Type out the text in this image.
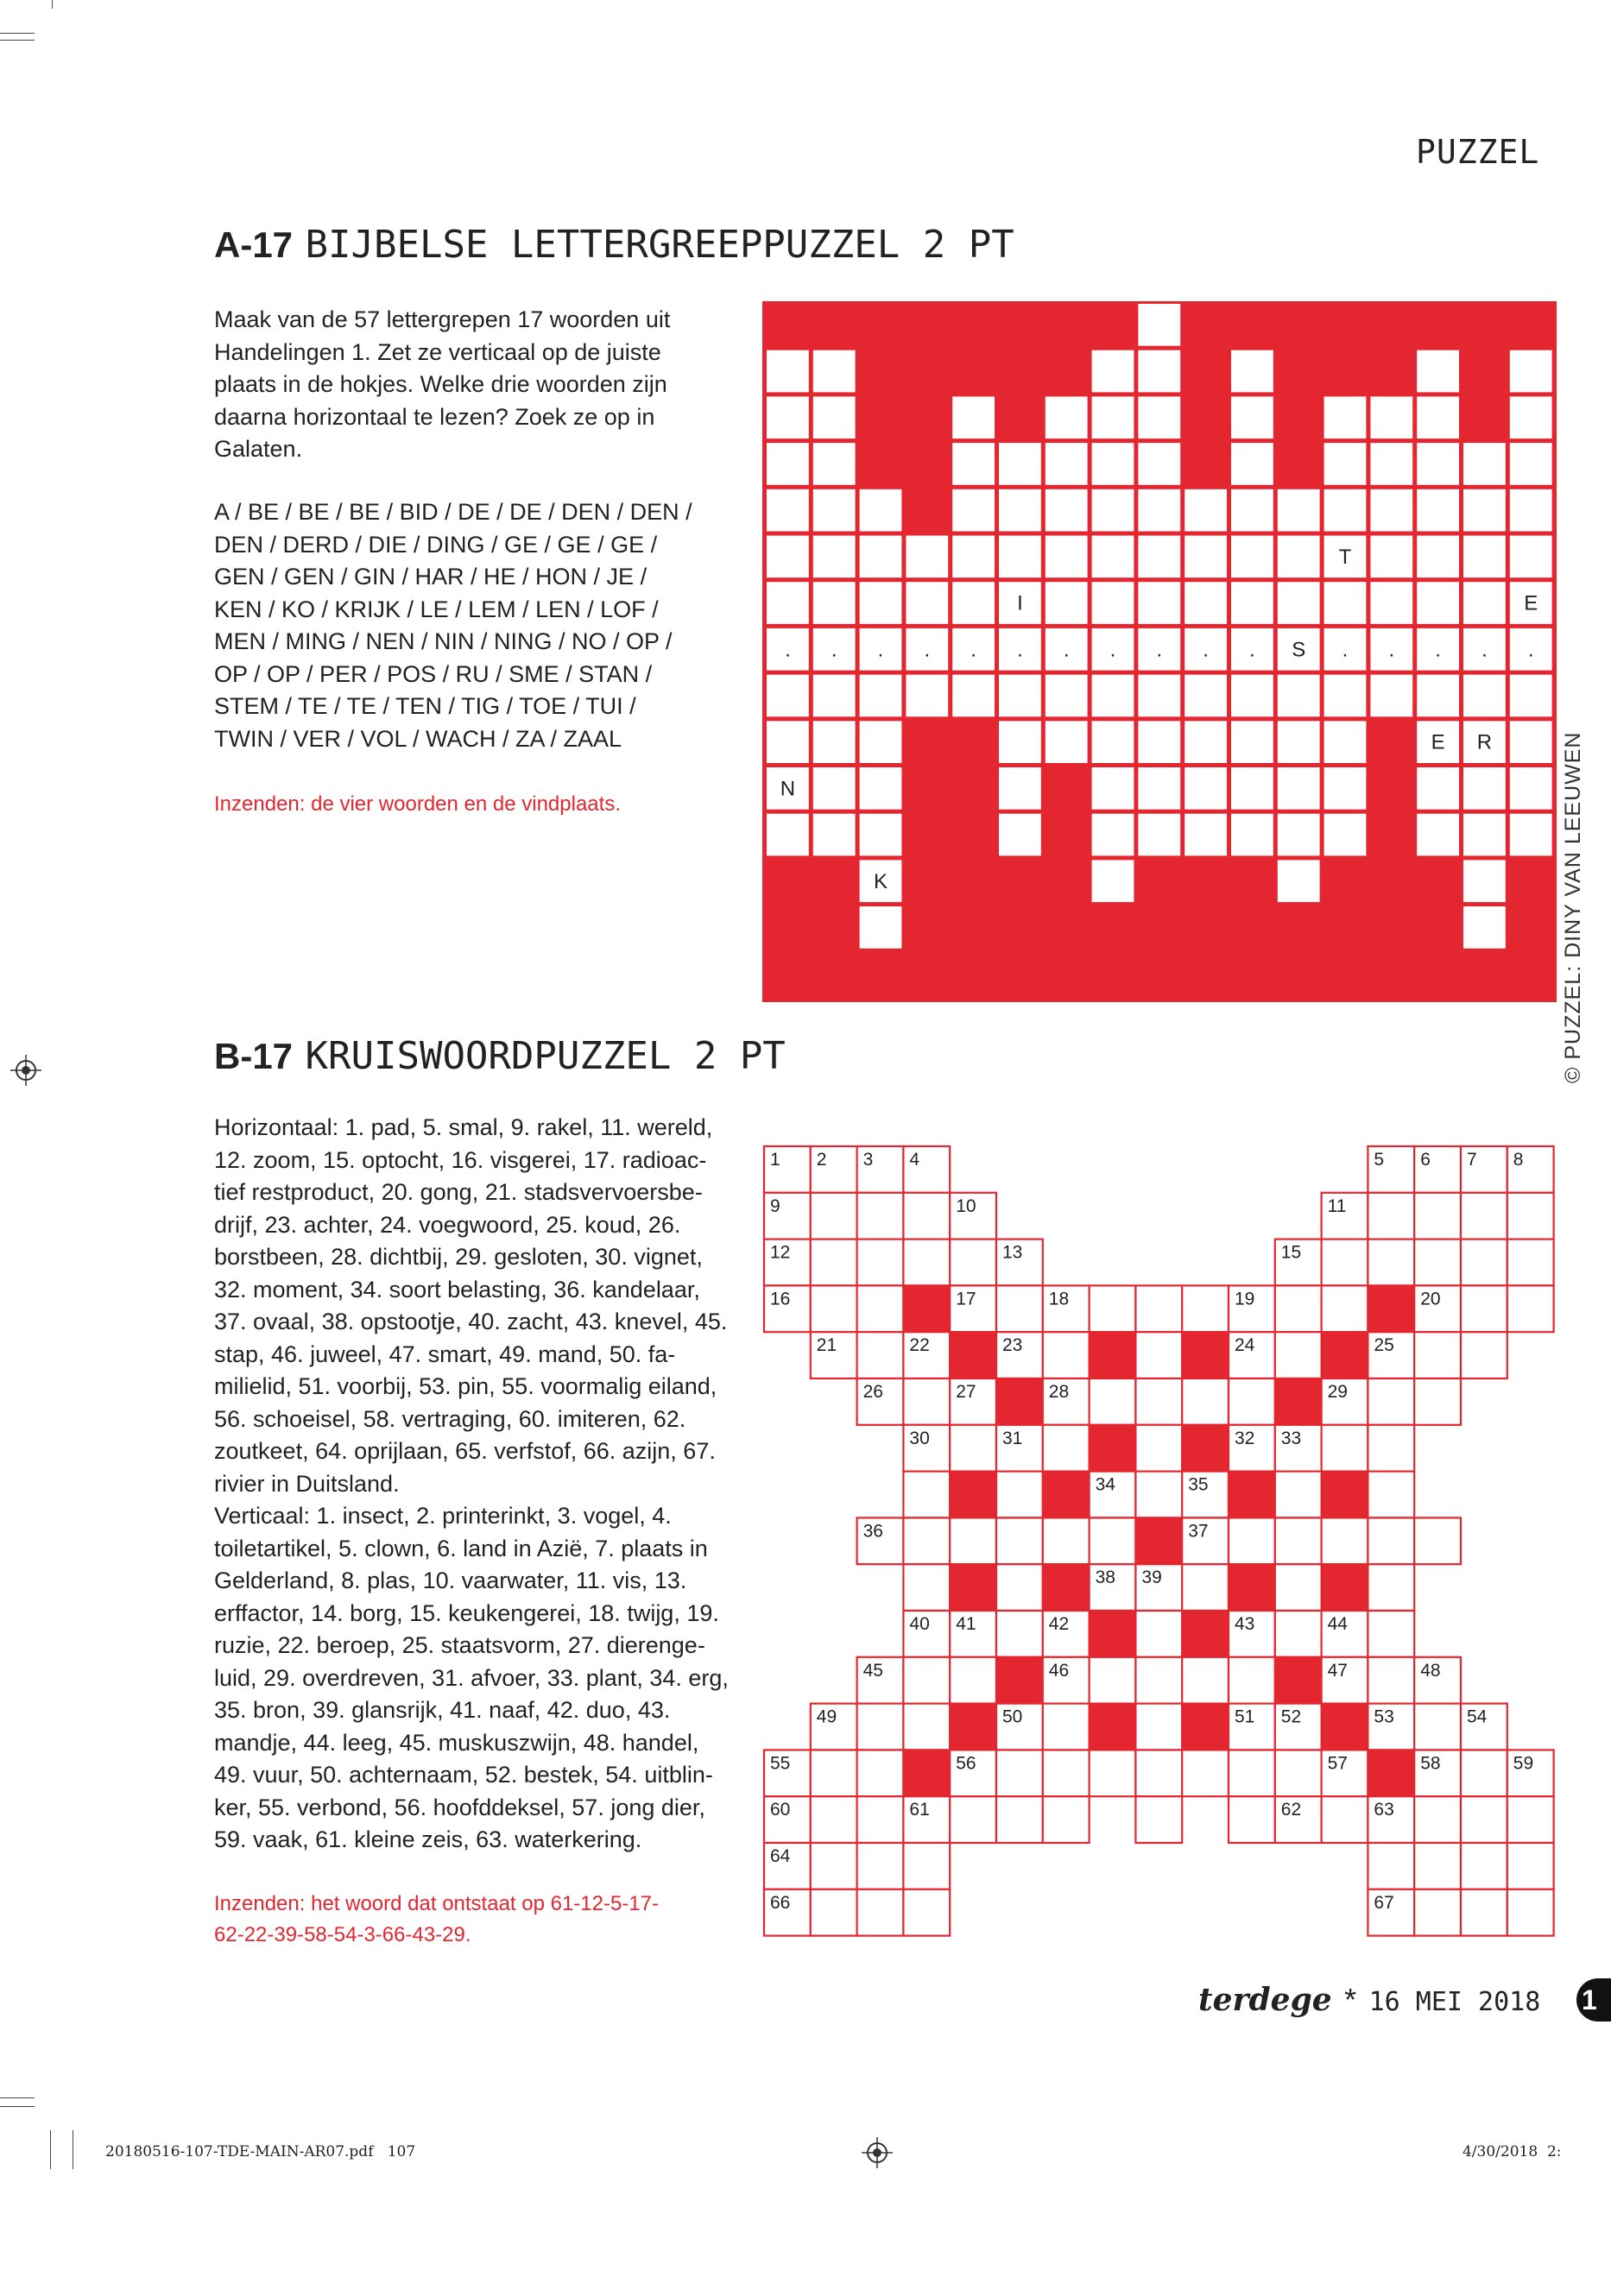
PUZZEL
A-17 BIJBELSE LETTERGREEPPUZZEL 2 PT
Maak van de 57 lettergrepen 17 woorden uit Handelingen 1. Zet ze verticaal op de juiste plaats in de hokjes. Welke drie woorden zijn daarna horizontaal te lezen? Zoek ze op in Galaten.
A / BE / BE / BE / BID / DE / DE / DEN / DEN / DEN / DERD / DIE / DING / GE / GE / GE / GEN / GEN / GIN / HAR / HE / HON / JE / KEN / KO / KRIJK / LE / LEM / LEN / LOF / MEN / MING / NEN / NIN / NING / NO / OP / OP / OP / PER / POS / RU / SME / STAN / STEM / TE / TE / TEN / TIG / TOE / TUI / TWIN / VER / VOL / WACH / ZA / ZAAL
Inzenden: de vier woorden en de vindplaats.
.
N
. .
K
. .
I
. . . . . . S
T
. . .
E
.
R
E
.
© PUZZEL: DINY VAN LEEUWEN
B-17 KRUISWOORDPUZZEL 2 PT
Horizontaal: 1. pad, 5. smal, 9. rakel, 11. wereld, 12. zoom, 15. optocht, 16. visgerei, 17. radioac-tief restproduct, 20. gong, 21. stadsvervoersbe-drijf, 23. achter, 24. voegwoord, 25. koud, 26. borstbeen, 28. dichtbij, 29. gesloten, 30. vignet, 32. moment, 34. soort belasting, 36. kandelaar, 37. ovaal, 38. opstootje, 40. zacht, 43. knevel, 45. stap, 46. juweel, 47. smart, 49. mand, 50. fa-milielid, 51. voorbij, 53. pin, 55. voormalig eiland, 56. schoeisel, 58. vertraging, 60. imiteren, 62. zoutkeet, 64. oprijlaan, 65. verfstof, 66. azijn, 67. rivier in Duitsland.
Verticaal: 1. insect, 2. printerinkt, 3. vogel, 4. toiletartikel, 5. clown, 6. land in Azië, 7. plaats in Gelderland, 8. plas, 10. vaarwater, 11. vis, 13. erffactor, 14. borg, 15. keukengerei, 18. twijg, 19. ruzie, 22. beroep, 25. staatsvorm, 27. dierenge-luid, 29. overdreven, 31. afvoer, 33. plant, 34. erg, 35. bron, 39. glansrijk, 41. naaf, 42. duo, 43. mandje, 44. leeg, 45. muskuszwijn, 48. handel, 49. vuur, 50. achternaam, 52. bestek, 54. uitblin-ker, 55. verbond, 56. hoofddeksel, 57. jong dier, 59. vaak, 61. kleine zeis, 63. waterkering.
Inzenden: het woord dat ontstaat op 61-12-5-17-
62-22-39-58-54-3-66-43-29.
1 2 3 4	5 6 7 8
9	10	11
12	13	15
16	17	18	19	20
21	22	23	24	25
26	27	28	29
30	31	32 33
34	35
36	37
38 39
40 41	42	43	44
45	46	47	48
49	50	51 52	53	54
55	56	57	58	59
60	61	62	63
64
66	67
terdege * 16 MEI 2018 1
20180516-107-TDE-MAIN-AR07.pdf   107	4/30/2018  2:
